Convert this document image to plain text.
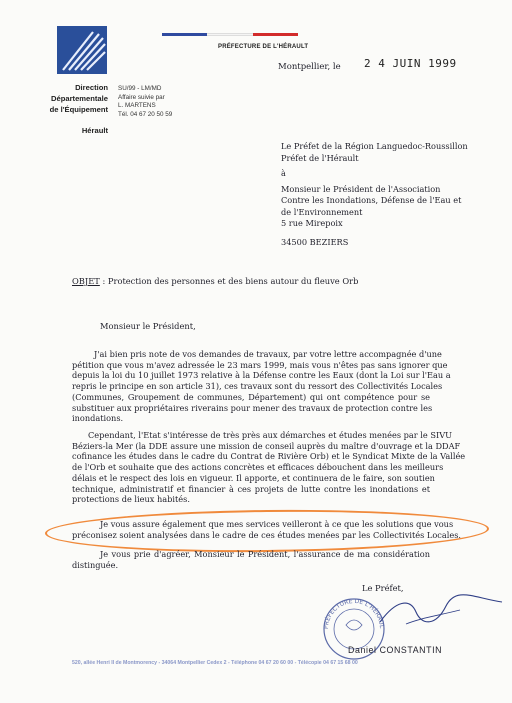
PRÉFECTURE DE L'HÉRAULT
Montpellier, le 2 4 JUIN 1999
Direction
Départementale
de l'Équipement
Hérault
SU/99 - LM/MD
Affaire suivie par
L. MARTENS
Tél. 04 67 20 50 59
Le Préfet de la Région Languedoc-Roussillon
Préfet de l'Hérault
à
Monsieur le Président de l'Association
Contre les Inondations, Défense de l'Eau et
de l'Environnement
5 rue Mirepoix
34500 BEZIERS
OBJET : Protection des personnes et des biens autour du fleuve Orb
Monsieur le Président,
J'ai bien pris note de vos demandes de travaux, par votre lettre accompagnée d'une
pétition que vous m'avez adressée le 23 mars 1999, mais vous n'êtes pas sans ignorer que
depuis la loi du 10 juillet 1973 relative à la Défense contre les Eaux (dont la Loi sur l'Eau a
repris le principe en son article 31), ces travaux sont du ressort des Collectivités Locales
(Communes, Groupement de communes, Département) qui ont compétence pour se
substituer aux propriétaires riverains pour mener des travaux de protection contre les
inondations.
Cependant, l'Etat s'intéresse de très près aux démarches et études menées par le SIVU
Béziers-la Mer (la DDE assure une mission de conseil auprès du maître d'ouvrage et la DDAF
cofinance les études dans le cadre du Contrat de Rivière Orb) et le Syndicat Mixte de la Vallée
de l'Orb et souhaite que des actions concrètes et efficaces débouchent dans les meilleurs
délais et le respect des lois en vigueur. Il apporte, et continuera de le faire, son soutien
technique, administratif et financier à ces projets de lutte contre les inondations et
protections de lieux habités.
Je vous assure également que mes services veilleront à ce que les solutions que vous
préconisez soient analysées dans le cadre de ces études menées par les Collectivités Locales.
Je vous prie d'agréer, Monsieur le Président, l'assurance de ma considération
distinguée.
Le Préfet,
PRÉFECTURE DE L'HÉRAUL
Daniel CONSTANTIN
520, allée Henri II de Montmorency - 34064 Montpellier Cedex 2 - Téléphone 04 67 20 60 00 - Télécopie 04 67 15 68 00
